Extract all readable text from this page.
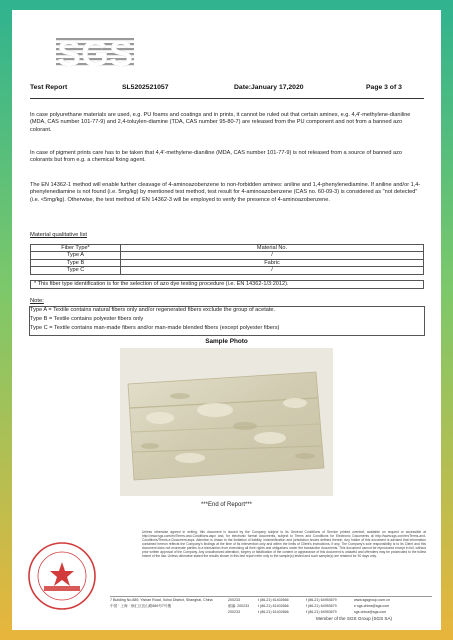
SGS
Test Report	SL5202521057	Date:January 17,2020	Page 3 of 3

In case polyurethane materials are used, e.g. PU foams and coatings and in prints, it cannot be ruled out that certain amines, e.g. 4,4'-methylene-dianiline (MDA, CAS number 101-77-9) and 2,4-toluylen-diamine (TDA, CAS number 95-80-7) are released from the PU component and not from a banned azo colorant.

In case of pigment prints care has to be taken that 4,4'-methylene-dianiline (MDA, CAS number 101-77-9) is not released from a source of banned azo colorants but from e.g. a chemical fixing agent.

The EN 14362-1 method will enable further cleavage of 4-aminoazobenzene to non-forbidden amines: aniline and 1,4-phenylenediamine. If aniline and/or 1,4-phenylenediamine is not found (i.e. 5mg/kg) by mentioned test method, test result for 4-aminoazobenzene (CAS no. 60-09-3) is considered as "not detected" (i.e. <5mg/kg). Otherwise, the test method of EN 14362-3 will be employed to verify the presence of 4-aminoazobenzene.

Material qualitative list
Fiber Type*	Material No.
Type A	/
Type B	Fabric
Type C	/
* This fiber type identification is for the selection of azo dye testing procedure (i.e. EN 14362-1/3:2012).
Note:
Type A = Textile contains natural fibers only and/or regenerated fibers exclude the group of acetate.
Type B = Textile contains polyester fibers only
Type C = Textile contains man-made fibers and/or man-made blended fibers (except polyester fibers)
Sample Photo
***End of Report***

Unless otherwise agreed in writing, this document is issued by the Company subject to its General Conditions of Service printed overleaf, available on request or accessible at http://www.sgs.com/en/Terms-and-Conditions.aspx and, for electronic format documents, subject to Terms and Conditions for Electronic Documents at http://www.sgs.com/en/Terms-and-Conditions/Terms-e-Document.aspx. Attention is drawn to the limitation of liability, indemnification and jurisdiction issues defined therein. Any holder of this document is advised that information contained hereon reflects the Company's findings at the time of its intervention only and within the limits of Client's instructions, if any. The Company's sole responsibility is to its Client and this document does not exonerate parties to a transaction from exercising all their rights and obligations under the transaction documents. This document cannot be reproduced except in full, without prior written approval of the Company. Any unauthorized alteration, forgery or falsification of the content or appearance of this document is unlawful and offenders may be prosecuted to the fullest extent of the law. Unless otherwise stated the results shown in this test report refer only to the sample(s) tested and such sample(s) are retained for 30 days only.

7 Building No.889, Yishan Road, Xuhui District, Shanghai, China	200233	t (86-21) 61402666	f (86-21) 64953679	www.sgsgroup.com.cn
中国 · 上海 · 徐汇区宜山路889号7号楼	邮编: 200233 t (86-21) 61402666	f (86-21) 64953679	e sgs.china@sgs.com
200233	t (86-21) 61402666	f (86-21) 64953679	sgs.china@sgs.com
Member of the SGS Group (SGS SA)
